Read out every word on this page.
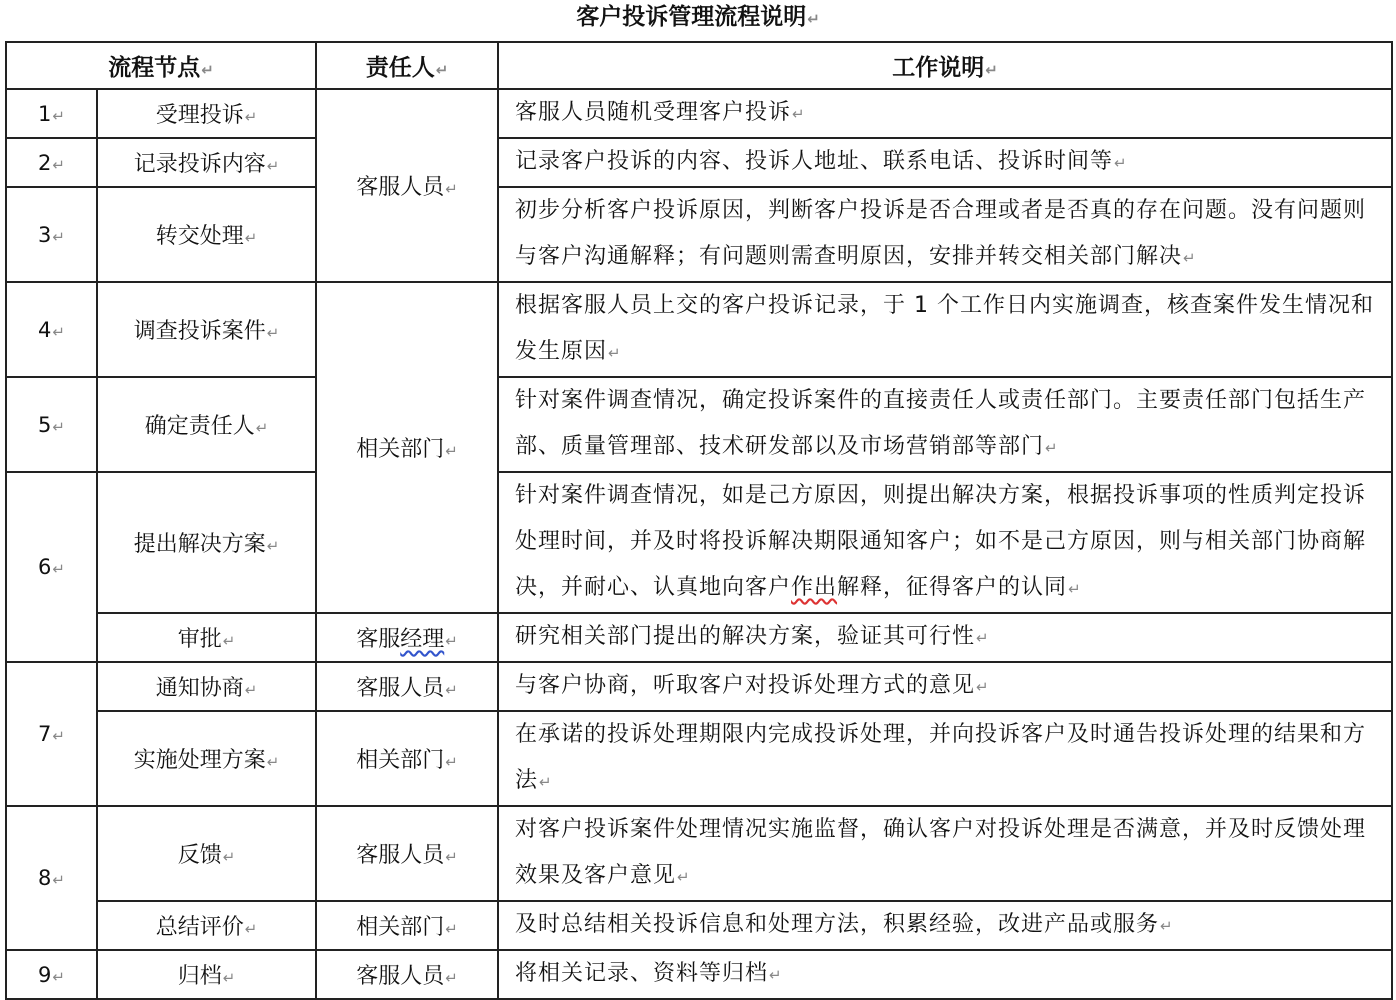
客户投诉管理流程说明↵
流程节点↵		责任人↵	工作说明↵
1↵	受理投诉↵	客服人员↵	客服人员随机受理客户投诉↵
2↵	记录投诉内容↵		记录客户投诉的内容、投诉人地址、联系电话、投诉时间等↵
3↵	转交处理↵		初步分析客户投诉原因，判断客户投诉是否合理或者是否真的存在问题。没有问题则与客户沟通解释；有问题则需查明原因，安排并转交相关部门解决↵
4↵	调查投诉案件↵	相关部门↵	根据客服人员上交的客户投诉记录，于 1 个工作日内实施调查，核查案件发生情况和发生原因↵
5↵	确定责任人↵		针对案件调查情况，确定投诉案件的直接责任人或责任部门。主要责任部门包括生产部、质量管理部、技术研发部以及市场营销部等部门↵
6↵	提出解决方案↵		针对案件调查情况，如是己方原因，则提出解决方案，根据投诉事项的性质判定投诉处理时间，并及时将投诉解决期限通知客户；如不是己方原因，则与相关部门协商解决，并耐心、认真地向客户作出解释，征得客户的认同↵
	审批↵	客服经理↵	研究相关部门提出的解决方案，验证其可行性↵
7↵	通知协商↵	客服人员↵	与客户协商，听取客户对投诉处理方式的意见↵
	实施处理方案↵	相关部门↵	在承诺的投诉处理期限内完成投诉处理，并向投诉客户及时通告投诉处理的结果和方法↵
8↵	反馈↵	客服人员↵	对客户投诉案件处理情况实施监督，确认客户对投诉处理是否满意，并及时反馈处理效果及客户意见↵
	总结评价↵	相关部门↵	及时总结相关投诉信息和处理方法，积累经验，改进产品或服务↵
9↵	归档↵	客服人员↵	将相关记录、资料等归档↵
